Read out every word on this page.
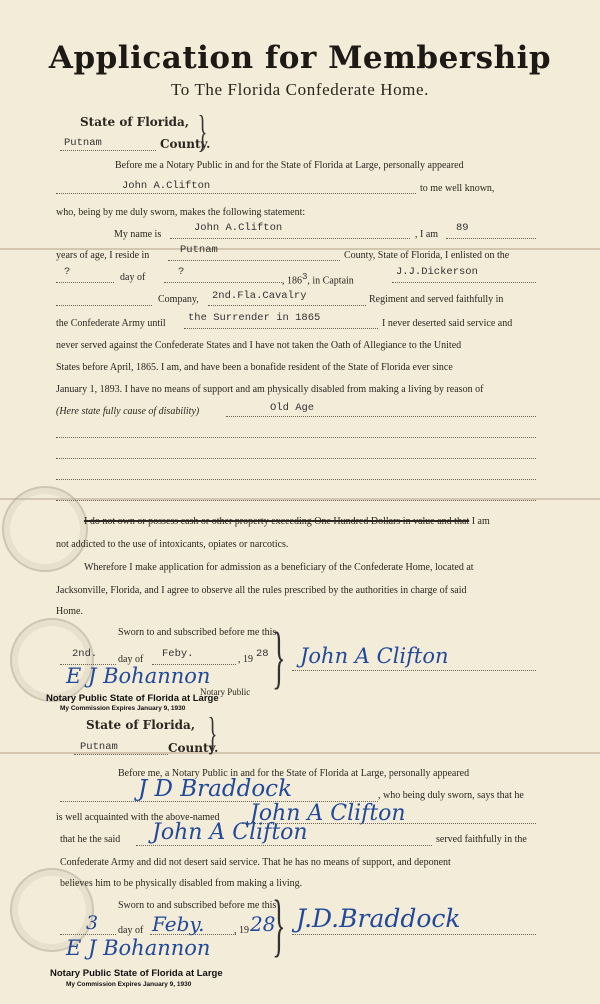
Application for Membership
To The Florida Confederate Home.
State of Florida,
Putnam	County.
}
Before me a Notary Public in and for the State of Florida at Large, personally appeared
John A.Clifton	to me well known,
who, being by me duly sworn, makes the following statement:
My name is
John A.Clifton
, I am
89
years of age, I reside in	Putnam	County, State of Florida, I enlisted on the
?	day of	?
, $186^3$, in Captain
J.J.Dickerson
Company, 2nd.Fla.Cavalry	Regiment and served faithfully in
the Confederate Army until the Surrender in 1865	I never deserted said service and
never served against the Confederate States and I have not taken the Oath of Allegiance to the United
States before April, 1865. I am, and have been a bonafide resident of the State of Florida ever since
January 1, 1893. I have no means of support and am physically disabled from making a living by reason of
(Here state fully cause of disability)	Old Age
I do not own or possess cash or other property exceeding One Hundred Dollars in value and that I am
not addicted to the use of intoxicants, opiates or narcotics.
Wherefore I make application for admission as a beneficiary of the Confederate Home, located at
Jacksonville, Florida, and I agree to observe all the rules prescribed by the authorities in charge of said
Home.
Sworn to and subscribed before me this
2nd. day of Feby.	, 19 28 } John A Clifton
E J Bohannon
Notary Public
Notary Public State of Florida at Large
My Commission Expires January 9, 1930
State of Florida,
Putnam	County.
}
Before me, a Notary Public in and for the State of Florida at Large, personally appeared
J D Braddock	, who being duly sworn, says that he
is well acquainted with the above-named John A Clifton
that he the said John A Clifton	served faithfully in the
Confederate Army and did not desert said service. That he has no means of support, and deponent
believes him to be physically disabled from making a living.
Sworn to and subscribed before me this
3 day of Feby.	, 19 28
} J.D.Braddock
E J Bohannon
Notary Public State of Florida at Large
My Commission Expires January 9, 1930
